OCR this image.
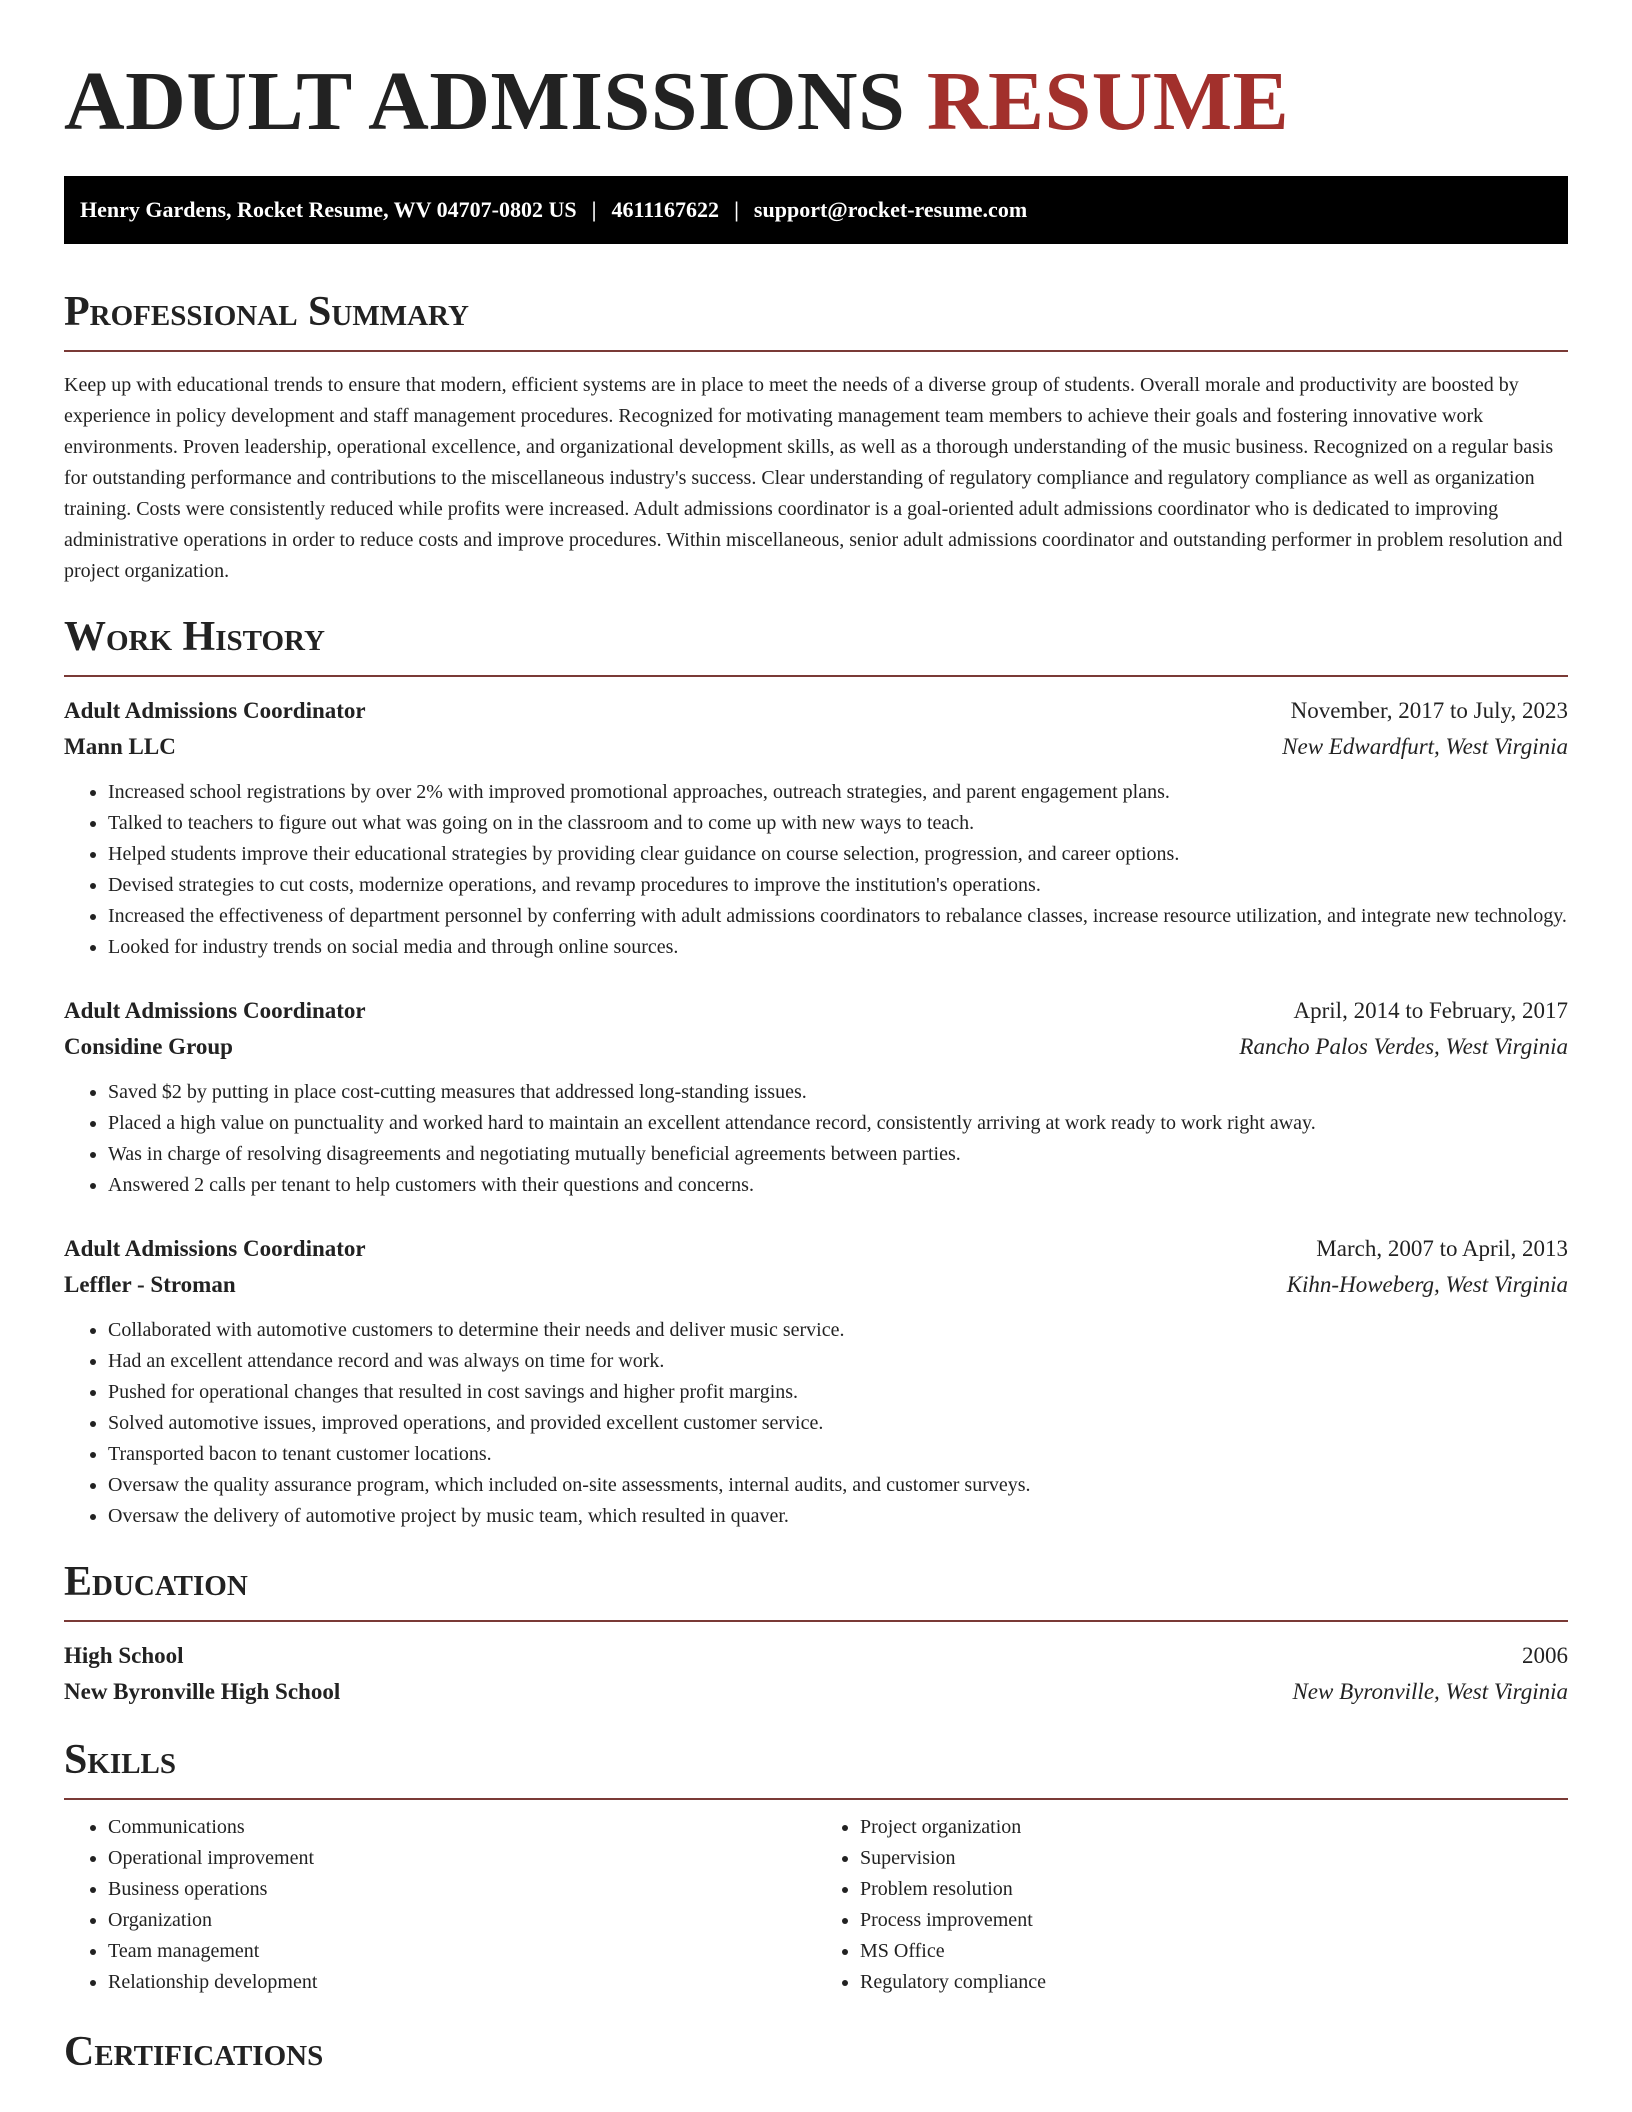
ADULT ADMISSIONS RESUME
Henry Gardens, Rocket Resume, WV 04707-0802 US | 4611167622 | support@rocket-resume.com
Professional Summary

Keep up with educational trends to ensure that modern, efficient systems are in place to meet the needs of a diverse group of students. Overall morale and productivity are boosted by experience in policy development and staff management procedures. Recognized for motivating management team members to achieve their goals and fostering innovative work environments. Proven leadership, operational excellence, and organizational development skills, as well as a thorough understanding of the music business. Recognized on a regular basis for outstanding performance and contributions to the miscellaneous industry's success. Clear understanding of regulatory compliance and regulatory compliance as well as organization training. Costs were consistently reduced while profits were increased. Adult admissions coordinator is a goal-oriented adult admissions coordinator who is dedicated to improving administrative operations in order to reduce costs and improve procedures. Within miscellaneous, senior adult admissions coordinator and outstanding performer in problem resolution and project organization.

Work History
Adult Admissions Coordinator	November, 2017 to July, 2023
Mann LLC	New Edwardfurt, West Virginia
• Increased school registrations by over 2% with improved promotional approaches, outreach strategies, and parent engagement plans.
• Talked to teachers to figure out what was going on in the classroom and to come up with new ways to teach.
• Helped students improve their educational strategies by providing clear guidance on course selection, progression, and career options.
• Devised strategies to cut costs, modernize operations, and revamp procedures to improve the institution's operations.
• Increased the effectiveness of department personnel by conferring with adult admissions coordinators to rebalance classes, increase resource utilization, and integrate new technology.
• Looked for industry trends on social media and through online sources.
Adult Admissions Coordinator	April, 2014 to February, 2017
Considine Group	Rancho Palos Verdes, West Virginia
• Saved $2 by putting in place cost-cutting measures that addressed long-standing issues.
• Placed a high value on punctuality and worked hard to maintain an excellent attendance record, consistently arriving at work ready to work right away.
• Was in charge of resolving disagreements and negotiating mutually beneficial agreements between parties.
• Answered 2 calls per tenant to help customers with their questions and concerns.
Adult Admissions Coordinator	March, 2007 to April, 2013
Leffler - Stroman	Kihn-Howeberg, West Virginia
• Collaborated with automotive customers to determine their needs and deliver music service.
• Had an excellent attendance record and was always on time for work.
• Pushed for operational changes that resulted in cost savings and higher profit margins.
• Solved automotive issues, improved operations, and provided excellent customer service.
• Transported bacon to tenant customer locations.
• Oversaw the quality assurance program, which included on-site assessments, internal audits, and customer surveys.
• Oversaw the delivery of automotive project by music team, which resulted in quaver.
Education
High School	2006
New Byronville High School	New Byronville, West Virginia
Skills
• Communications
• Operational improvement
• Business operations
• Organization
• Team management
• Relationship development
• Project organization
• Supervision
• Problem resolution
• Process improvement
• MS Office
• Regulatory compliance
Certifications
